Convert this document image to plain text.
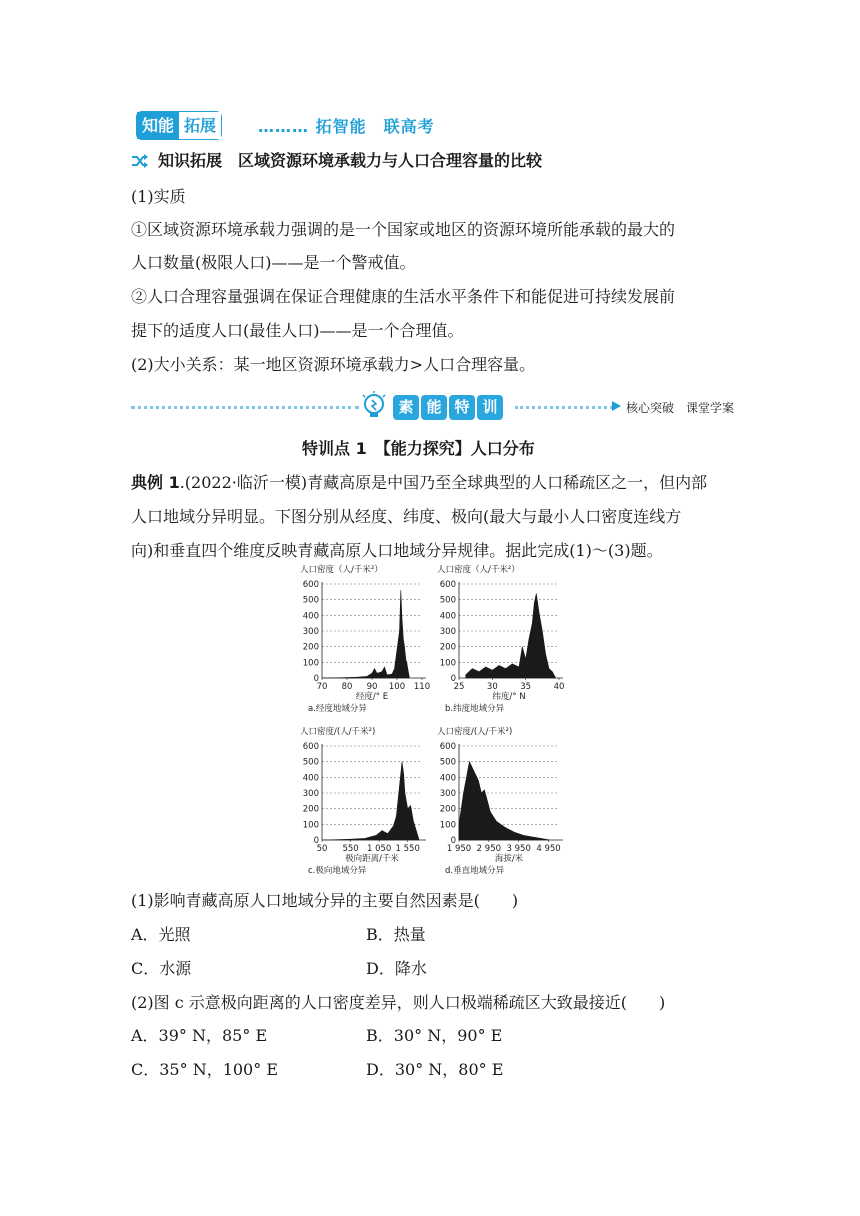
知能 拓展	……… 拓智能　联高考
知识拓展　区域资源环境承载力与人口合理容量的比较
(1)实质
①区域资源环境承载力强调的是一个国家或地区的资源环境所能承载的最大的
人口数量(极限人口)——是一个警戒值。
②人口合理容量强调在保证合理健康的生活水平条件下和能促进可持续发展前
提下的适度人口(最佳人口)——是一个合理值。
(2)大小关系：某一地区资源环境承载力>人口合理容量。
素 能 特 训	核心突破　课堂学案
特训点 1　【能力探究】人口分布
典例 1.(2022·临沂一模)青藏高原是中国乃至全球典型的人口稀疏区之一，但内部
人口地域分异明显。下图分别从经度、纬度、极向(最大与最小人口密度连线方
向)和垂直四个维度反映青藏高原人口地域分异规律。据此完成(1)～(3)题。
人口密度（人/千米²）
0
100
200
300
400
500
600
70 80 90 100 110
经度/° E
a.经度地域分异
人口密度（人/千米²）
0
100
200
300
400
500
600
25	30	35	40
纬度/° N
b.纬度地域分异
人口密度/(人/千米²)
0
100
200
300
400
500
600
50 550 1 050 1 550
极向距离/千米
c.极向地域分异
人口密度/(人/千米²)
0
100
200
300
400
500
600
1 950 2 950 3 950 4 950
海拔/米
d.垂直地域分异
(1)影响青藏高原人口地域分异的主要自然因素是(　　)
A．光照	B．热量
C．水源	D．降水
(2)图 c 示意极向距离的人口密度差异，则人口极端稀疏区大致最接近(　　)
A．39° N，85° E	B．30° N，90° E
C．35° N，100° E	D．30° N，80° E
